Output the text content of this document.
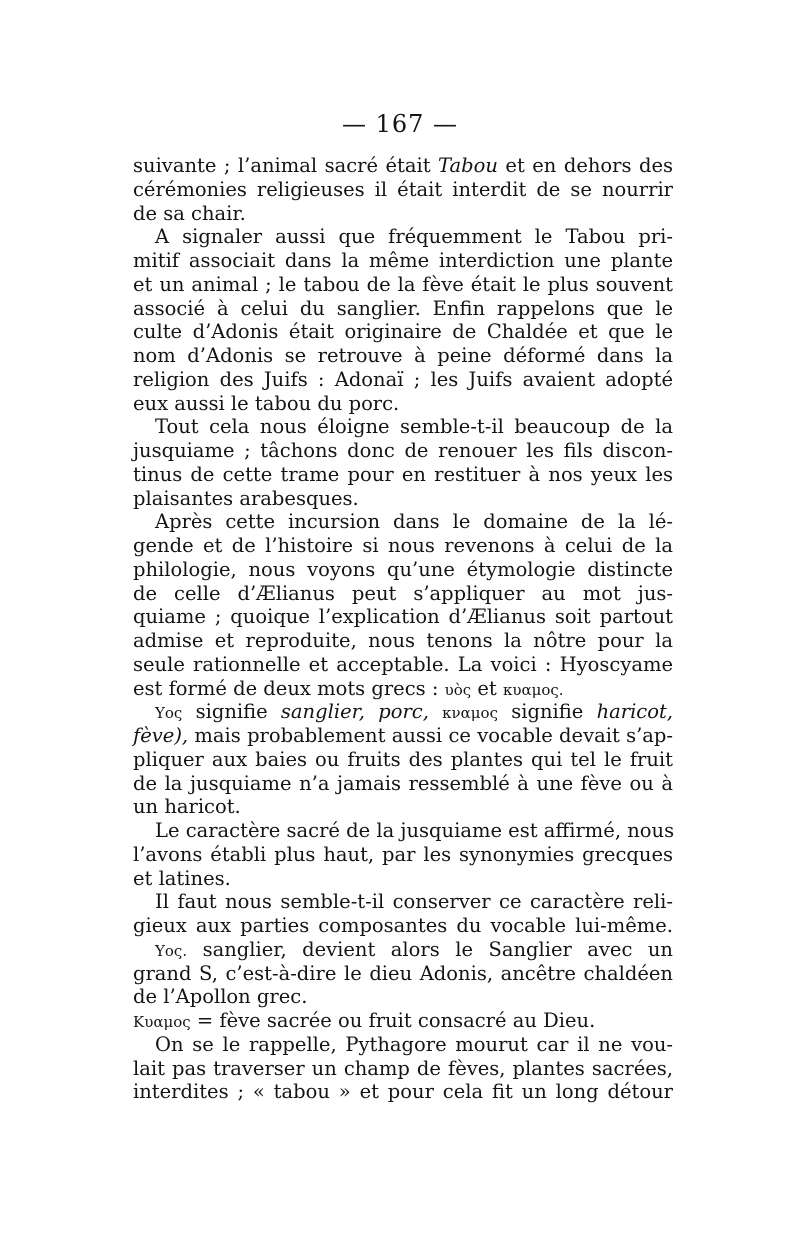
— 167 —
suivante ; l’animal sacré était Tabou et en dehors des
cérémonies religieuses il était interdit de se nourrir
de sa chair.
A signaler aussi que fréquemment le Tabou pri-
mitif associait dans la même interdiction une plante
et un animal ; le tabou de la fève était le plus souvent
associé à celui du sanglier. Enfin rappelons que le
culte d’Adonis était originaire de Chaldée et que le
nom d’Adonis se retrouve à peine déformé dans la
religion des Juifs : Adonaï ; les Juifs avaient adopté
eux aussi le tabou du porc.
Tout cela nous éloigne semble-t-il beaucoup de la
jusquiame ; tâchons donc de renouer les fils discon-
tinus de cette trame pour en restituer à nos yeux les
plaisantes arabesques.
Après cette incursion dans le domaine de la lé-
gende et de l’histoire si nous revenons à celui de la
philologie, nous voyons qu’une étymologie distincte
de celle d’Ælianus peut s’appliquer au mot jus-
quiame ; quoique l’explication d’Ælianus soit partout
admise et reproduite, nous tenons la nôtre pour la
seule rationnelle et acceptable. La voici : Hyoscyame
est formé de deux mots grecs : υὸς et κυαμος.
Υος signifie sanglier, porc, κναμος signifie haricot,
fève), mais probablement aussi ce vocable devait s’ap-
pliquer aux baies ou fruits des plantes qui tel le fruit
de la jusquiame n’a jamais ressemblé à une fève ou à
un haricot.
Le caractère sacré de la jusquiame est affirmé, nous
l’avons établi plus haut, par les synonymies grecques
et latines.
Il faut nous semble-t-il conserver ce caractère reli-
gieux aux parties composantes du vocable lui-même.
Υος. sanglier, devient alors le Sanglier avec un
grand S, c’est-à-dire le dieu Adonis, ancêtre chaldéen
de l’Apollon grec.
Κυαμος = fève sacrée ou fruit consacré au Dieu.
On se le rappelle, Pythagore mourut car il ne vou-
lait pas traverser un champ de fèves, plantes sacrées,
interdites ; « tabou » et pour cela fit un long détour
